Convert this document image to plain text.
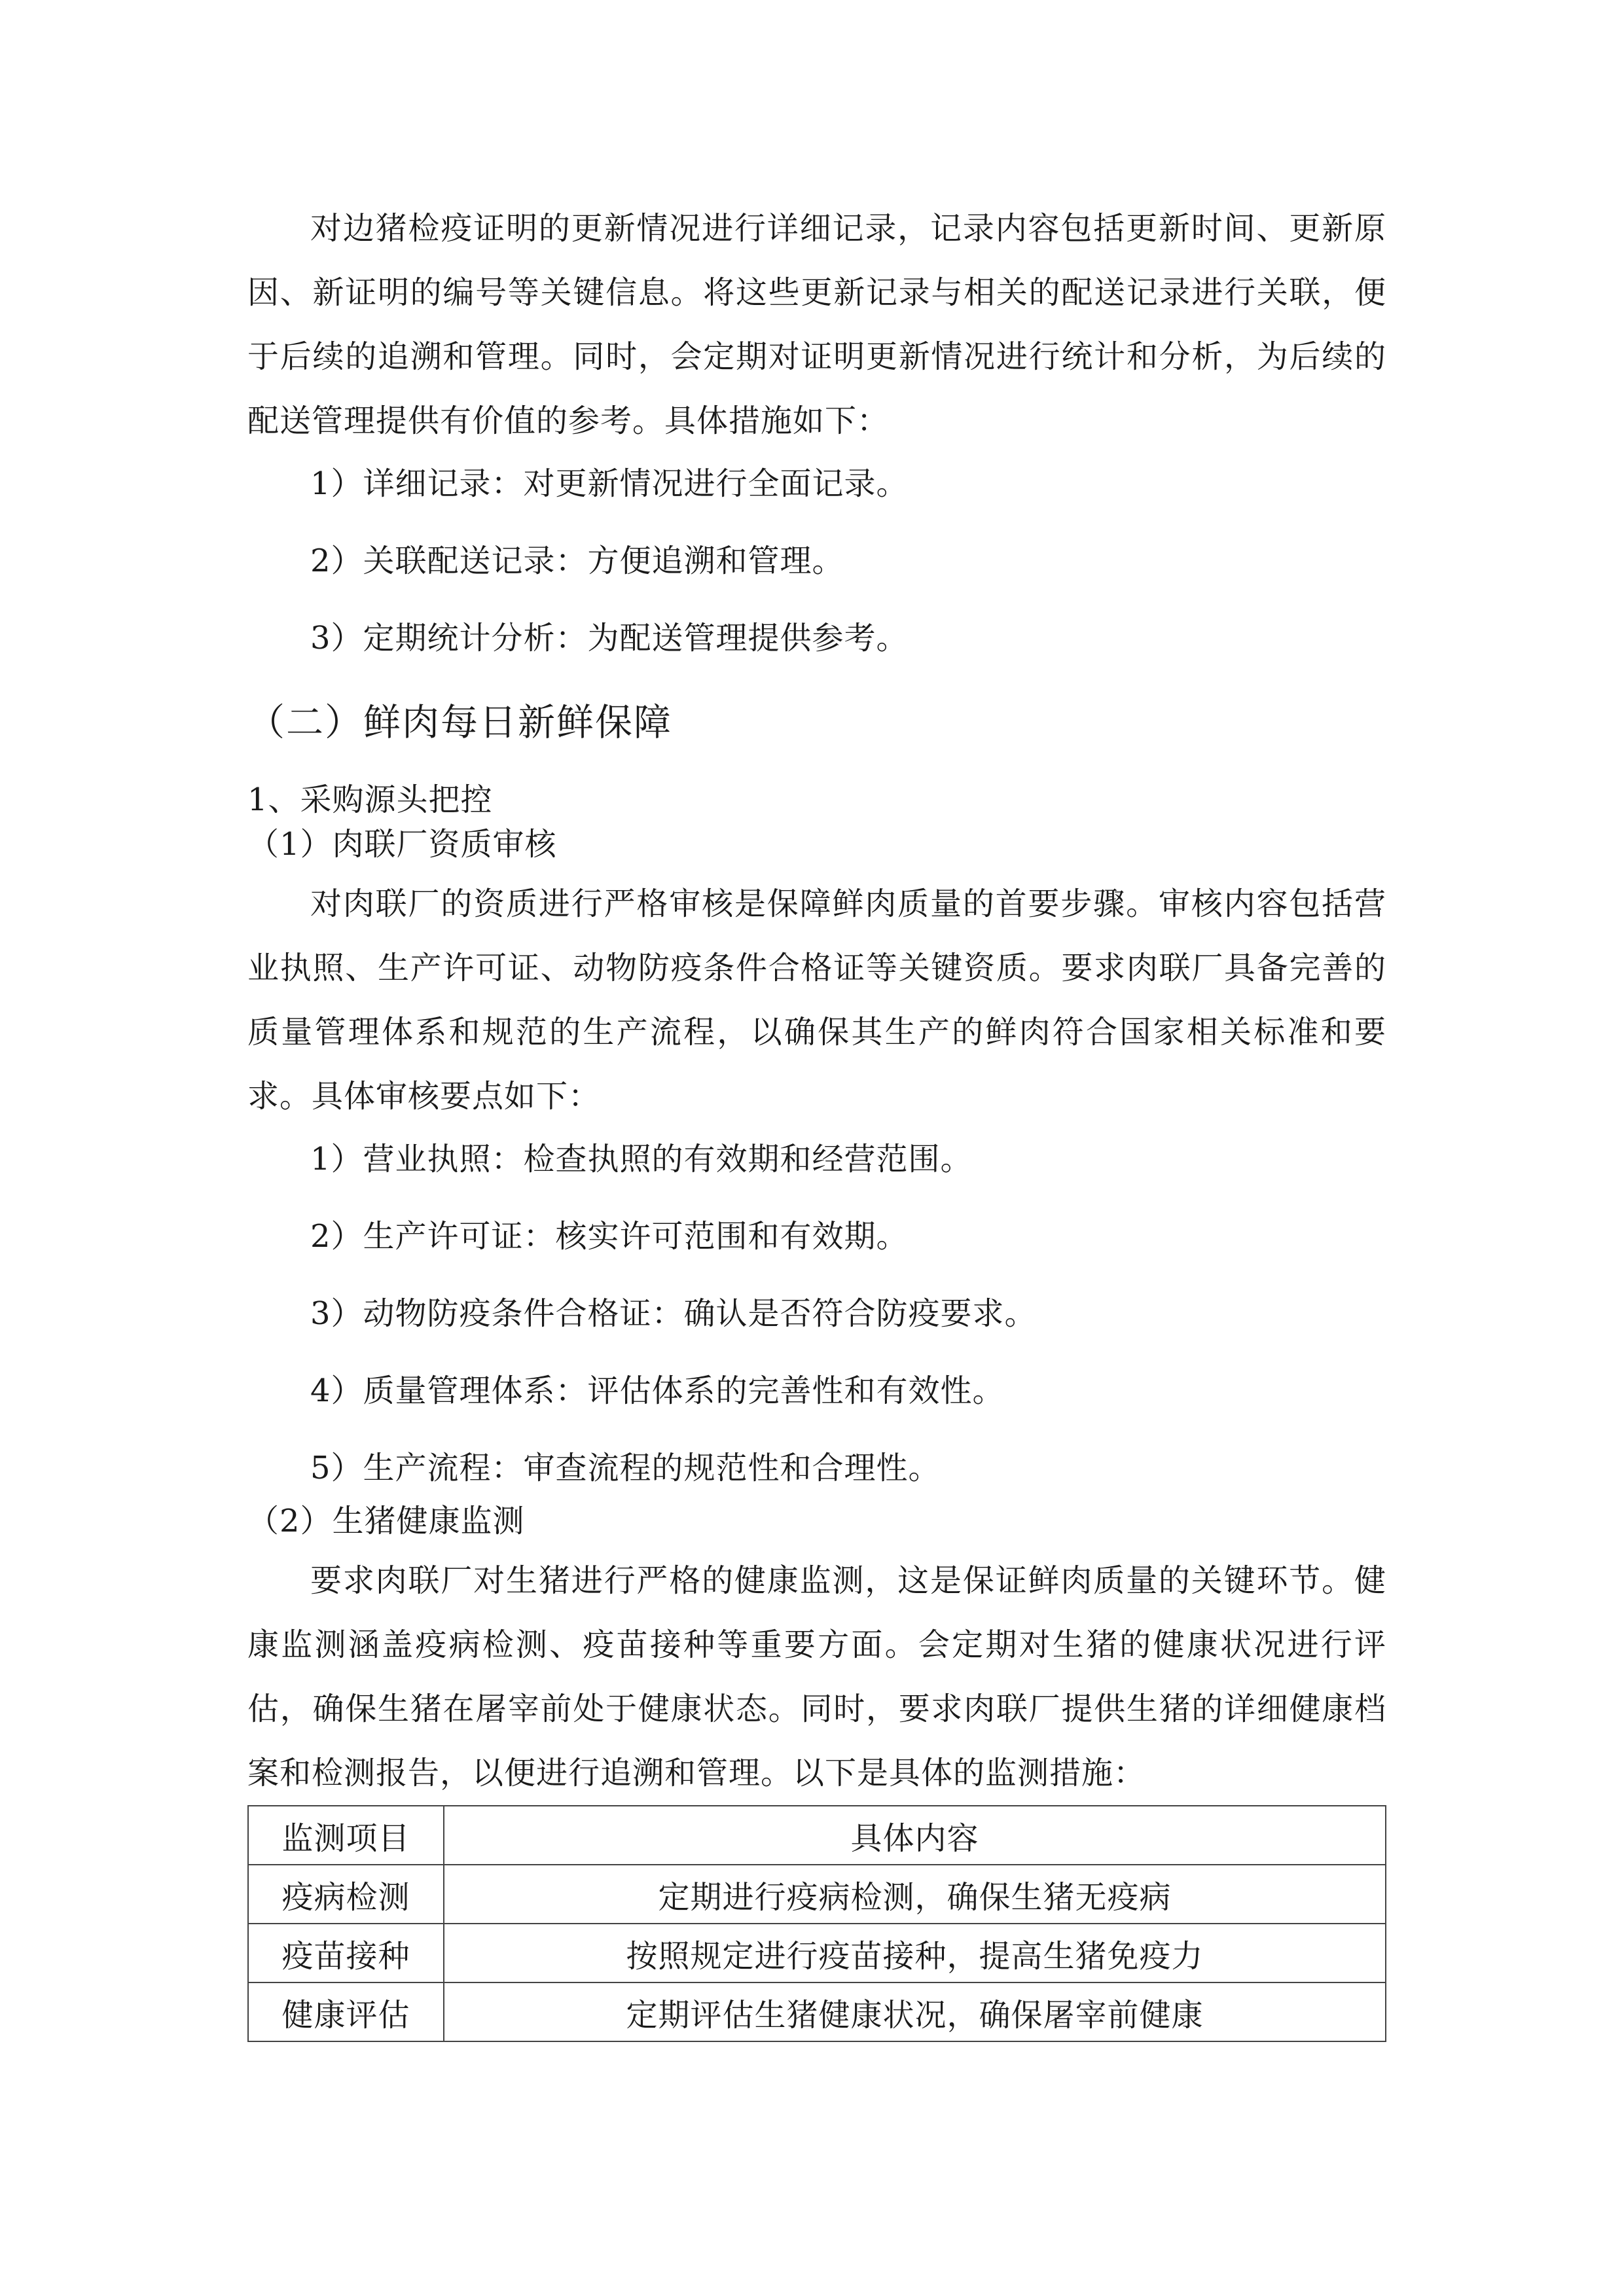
对边猪检疫证明的更新情况进行详细记录，记录内容包括更新时间、更新原因、新证明的编号等关键信息。将这些更新记录与相关的配送记录进行关联，便于后续的追溯和管理。同时，会定期对证明更新情况进行统计和分析，为后续的配送管理提供有价值的参考。具体措施如下：

1）详细记录：对更新情况进行全面记录。

2）关联配送记录：方便追溯和管理。

3）定期统计分析：为配送管理提供参考。

（二）鲜肉每日新鲜保障

1、采购源头把控

（1）肉联厂资质审核

对肉联厂的资质进行严格审核是保障鲜肉质量的首要步骤。审核内容包括营业执照、生产许可证、动物防疫条件合格证等关键资质。要求肉联厂具备完善的质量管理体系和规范的生产流程，以确保其生产的鲜肉符合国家相关标准和要求。具体审核要点如下：

1）营业执照：检查执照的有效期和经营范围。

2）生产许可证：核实许可范围和有效期。

3）动物防疫条件合格证：确认是否符合防疫要求。

4）质量管理体系：评估体系的完善性和有效性。

5）生产流程：审查流程的规范性和合理性。

（2）生猪健康监测

要求肉联厂对生猪进行严格的健康监测，这是保证鲜肉质量的关键环节。健康监测涵盖疫病检测、疫苗接种等重要方面。会定期对生猪的健康状况进行评估，确保生猪在屠宰前处于健康状态。同时，要求肉联厂提供生猪的详细健康档案和检测报告，以便进行追溯和管理。以下是具体的监测措施：

监测项目	具体内容
疫病检测	定期进行疫病检测，确保生猪无疫病
疫苗接种	按照规定进行疫苗接种，提高生猪免疫力
健康评估	定期评估生猪健康状况，确保屠宰前健康
